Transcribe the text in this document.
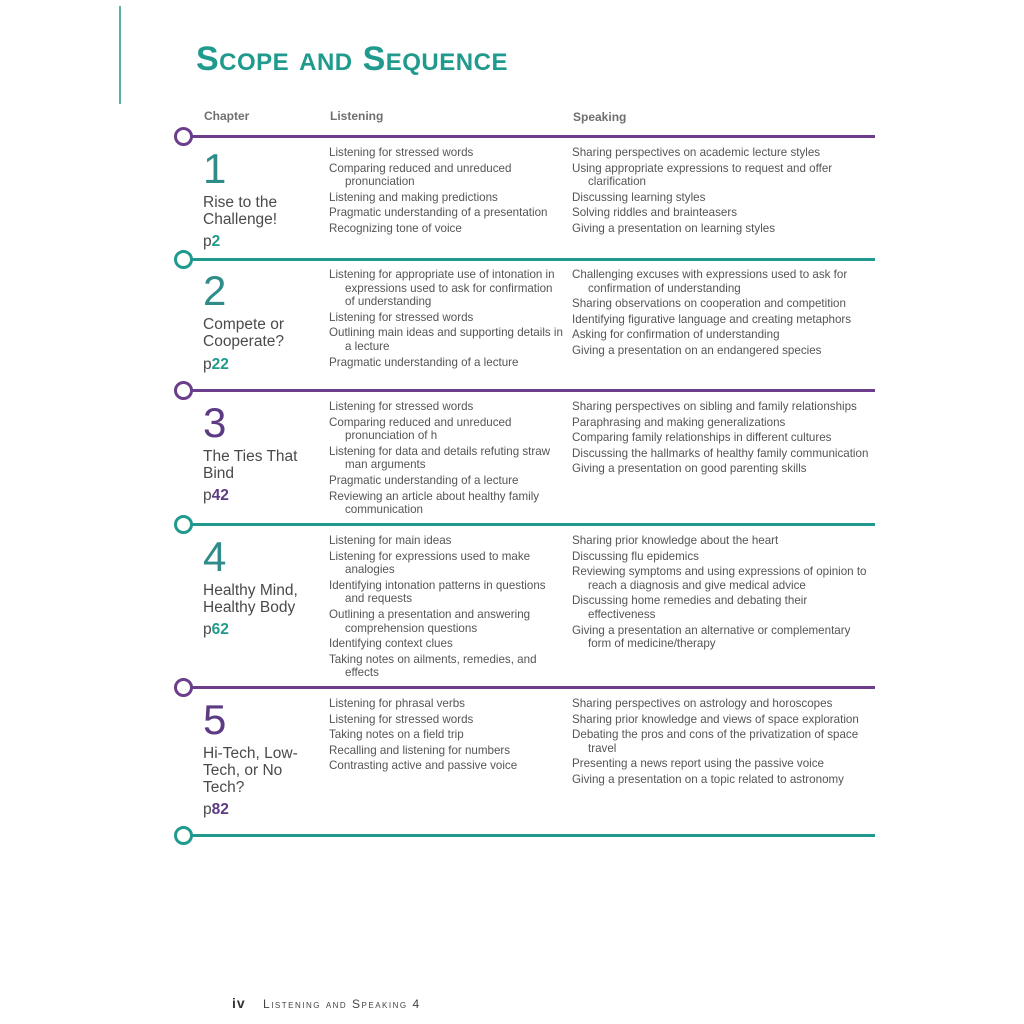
Scope and Sequence
Chapter	Listening	Speaking
1
Rise to the Challenge!
p2
Listening for stressed words
Comparing reduced and unreduced pronunciation
Listening and making predictions
Pragmatic understanding of a presentation
Recognizing tone of voice
Sharing perspectives on academic lecture styles
Using appropriate expressions to request and offer clarification
Discussing learning styles
Solving riddles and brainteasers
Giving a presentation on learning styles
2
Compete or Cooperate?
p22
Listening for appropriate use of intonation in expressions used to ask for confirmation of understanding
Listening for stressed words
Outlining main ideas and supporting details in a lecture
Pragmatic understanding of a lecture
Challenging excuses with expressions used to ask for confirmation of understanding
Sharing observations on cooperation and competition
Identifying figurative language and creating metaphors
Asking for confirmation of understanding
Giving a presentation on an endangered species
3
The Ties That Bind
p42
Listening for stressed words
Comparing reduced and unreduced pronunciation of h
Listening for data and details refuting straw man arguments
Pragmatic understanding of a lecture
Reviewing an article about healthy family communication
Sharing perspectives on sibling and family relationships
Paraphrasing and making generalizations
Comparing family relationships in different cultures
Discussing the hallmarks of healthy family communication
Giving a presentation on good parenting skills
4
Healthy Mind, Healthy Body
p62
Listening for main ideas
Listening for expressions used to make analogies
Identifying intonation patterns in questions and requests
Outlining a presentation and answering comprehension questions
Identifying context clues
Taking notes on ailments, remedies, and effects
Sharing prior knowledge about the heart
Discussing flu epidemics
Reviewing symptoms and using expressions of opinion to reach a diagnosis and give medical advice
Discussing home remedies and debating their effectiveness
Giving a presentation an alternative or complementary form of medicine/therapy
5
Hi-Tech, Low-Tech, or No Tech?
p82
Listening for phrasal verbs
Listening for stressed words
Taking notes on a field trip
Recalling and listening for numbers
Contrasting active and passive voice
Sharing perspectives on astrology and horoscopes
Sharing prior knowledge and views of space exploration
Debating the pros and cons of the privatization of space travel
Presenting a news report using the passive voice
Giving a presentation on a topic related to astronomy
iv Listening and Speaking 4
